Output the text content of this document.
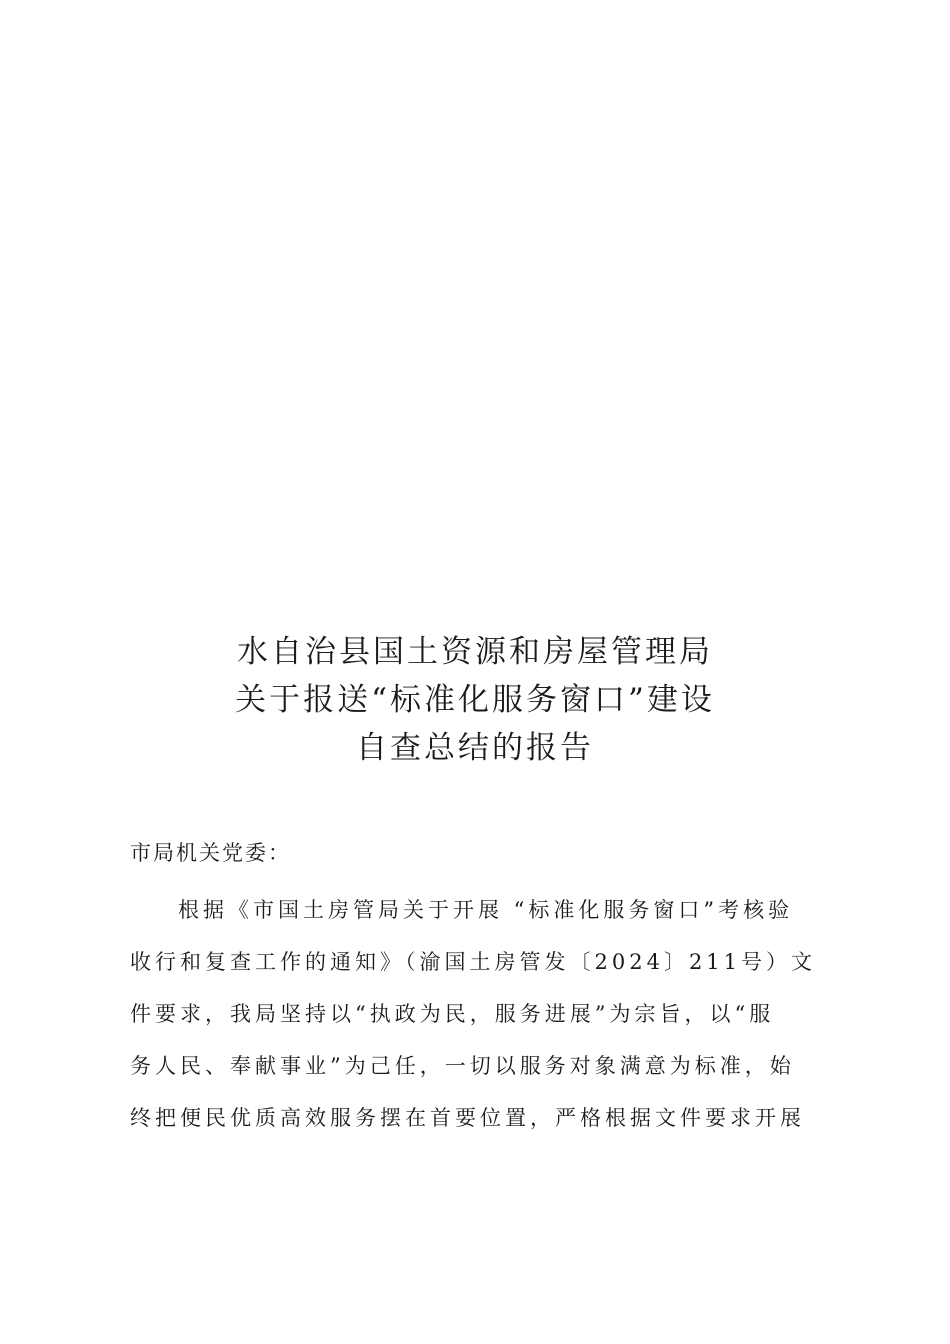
水自治县国土资源和房屋管理局
关于报送“标准化服务窗口”建设
自查总结的报告
市局机关党委：
根据《市国土房管局关于开展 “标准化服务窗口”考核验
收行和复查工作的通知》（渝国土房管发〔2024〕211号）文
件要求，我局坚持以“执政为民，服务进展”为宗旨，以“服
务人民、奉献事业”为己任，一切以服务对象满意为标准，始
终把便民优质高效服务摆在首要位置，严格根据文件要求开展
